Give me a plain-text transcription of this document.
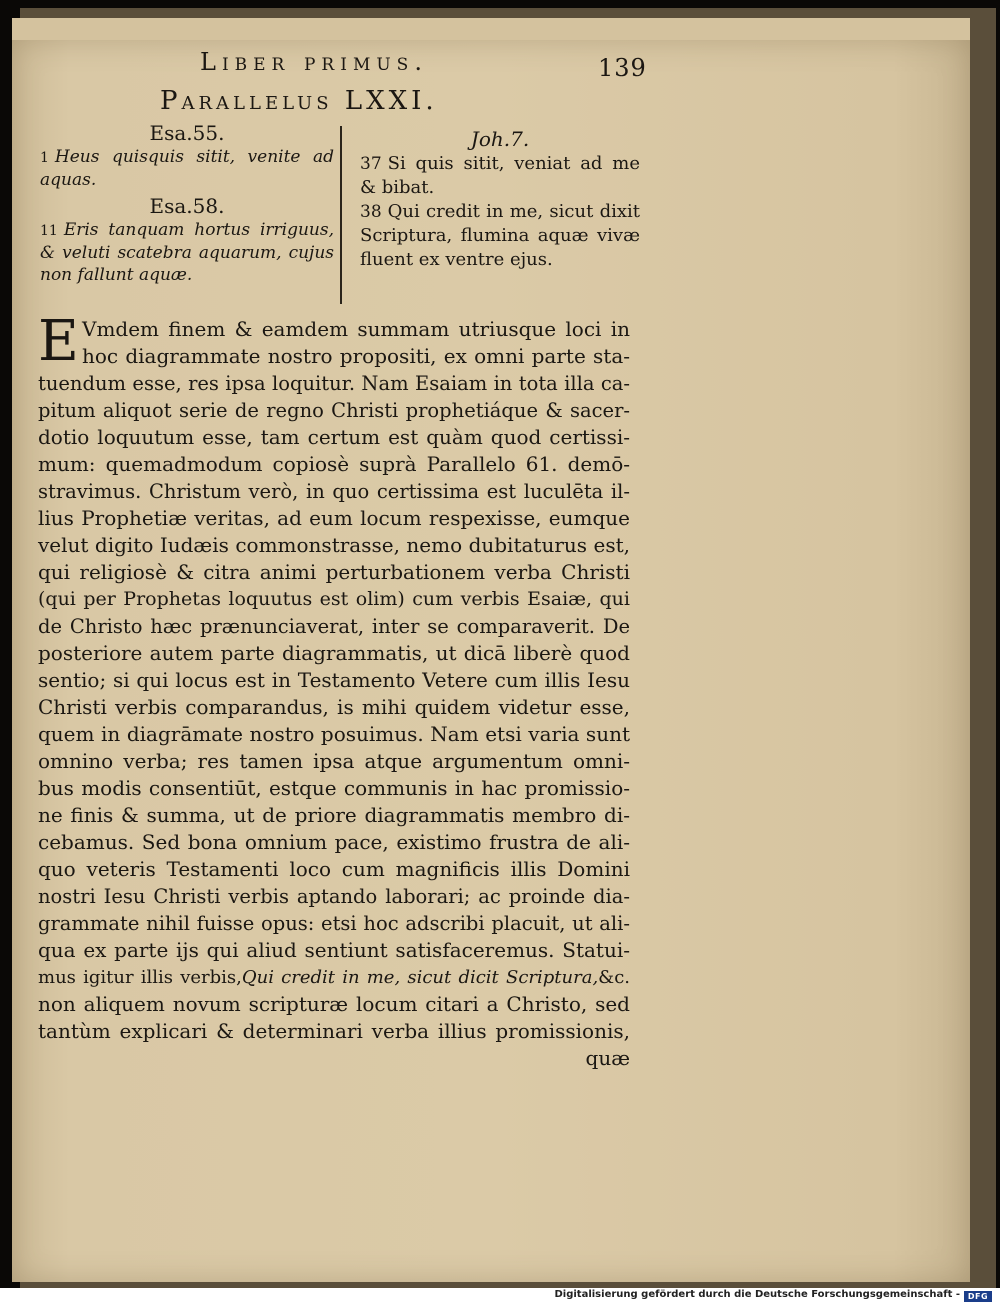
Liber primus.	139
Parallelus LXXI.
Esa.55.

1 Heus quisquis sitit, venite ad aquas.

Esa.58.

11 Eris tanquam hortus irriguus, & veluti scatebra aquarum, cujus non fallunt aquæ.

Joh.7.

37 Si quis sitit, veniat ad me & bibat.

38 Qui credit in me, sicut dixit Scriptura, flumina aquæ vivæ fluent ex ventre ejus.

E Vmdem finem & eamdem summam utriusque loci in
hoc diagrammate nostro propositi, ex omni parte sta-
tuendum esse, res ipsa loquitur. Nam Esaiam in tota illa ca-
pitum aliquot serie de regno Christi prophetiáque & sacer-
dotio loquutum esse, tam certum est quàm quod certissi-
mum: quemadmodum copiosè suprà Parallelo 61. demō-
stravimus. Christum verò, in quo certissima est luculēta il-
lius Prophetiæ veritas, ad eum locum respexisse, eumque
velut digito Iudæis commonstrasse, nemo dubitaturus est,
qui religiosè & citra animi perturbationem verba Christi
(qui per Prophetas loquutus est olim) cum verbis Esaiæ, qui
de Christo hæc prænunciaverat, inter se comparaverit. De
posteriore autem parte diagrammatis, ut dicā liberè quod
sentio; si qui locus est in Testamento Vetere cum illis Iesu
Christi verbis comparandus, is mihi quidem videtur esse,
quem in diagrāmate nostro posuimus. Nam etsi varia sunt
omnino verba; res tamen ipsa atque argumentum omni-
bus modis consentiūt, estque communis in hac promissio-
ne finis & summa, ut de priore diagrammatis membro di-
cebamus. Sed bona omnium pace, existimo frustra de ali-
quo veteris Testamenti loco cum magnificis illis Domini
nostri Iesu Christi verbis aptando laborari; ac proinde dia-
grammate nihil fuisse opus: etsi hoc adscribi placuit, ut ali-
qua ex parte ijs qui aliud sentiunt satisfaceremus. Statui-
mus igitur illis verbis,Qui credit in me, sicut dicit Scriptura,&c.
non aliquem novum scripturæ locum citari a Christo, sed
tantùm explicari & determinari verba illius promissionis,
quæ
Digitalisierung gefördert durch die Deutsche Forschungsgemeinschaft - DFG
